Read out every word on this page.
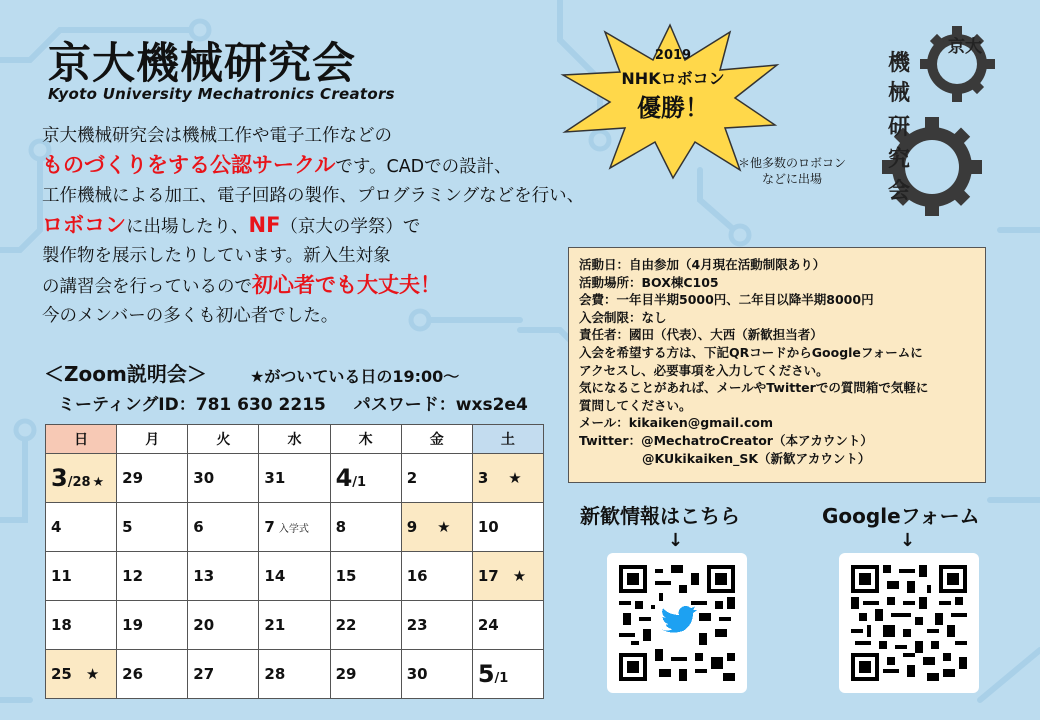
京大機械研究会
Kyoto University Mechatronics Creators
京大機械研究会は機械工作や電子工作などの
ものづくりをする公認サークルです。CADでの設計、
工作機械による加工、電子回路の製作、プログラミングなどを行い、
ロボコンに出場したり、NF（京大の学祭）で
製作物を展示したりしています。新入生対象
の講習会を行っているので初心者でも大丈夫！
今のメンバーの多くも初心者でした。
2019
NHKロボコン
優勝！
＊他多数のロボコン
などに出場
京大
機
械
研
究
会
＜Zoom説明会＞	★がついている日の19:00～
ミーティングID：781 630 2215 パスワード：wxs2e4
日	月	火	水	木	金	土
3/28 ★	29	30	31	4/1	2	3 ★
4	5	6	7 入学式	8	9 ★	10
11	12	13	14	15	16	17 ★
18	19	20	21	22	23	24
25 ★	26	27	28	29	30	5/1
活動日：自由参加（4月現在活動制限あり）
活動場所：BOX棟C105
会費：一年目半期5000円、二年目以降半期8000円
入会制限：なし
責任者：國田（代表）、大西（新歓担当者）
入会を希望する方は、下記QRコードからGoogleフォームに
アクセスし、必要事項を入力してください。
気になることがあれば、メールやTwitterでの質問箱で気軽に
質問してください。
メール：kikaiken@gmail.com
Twitter：@MechatroCreator（本アカウント）
@KUkikaiken_SK（新歓アカウント）
新歓情報はこちら
↓
Googleフォーム
↓
